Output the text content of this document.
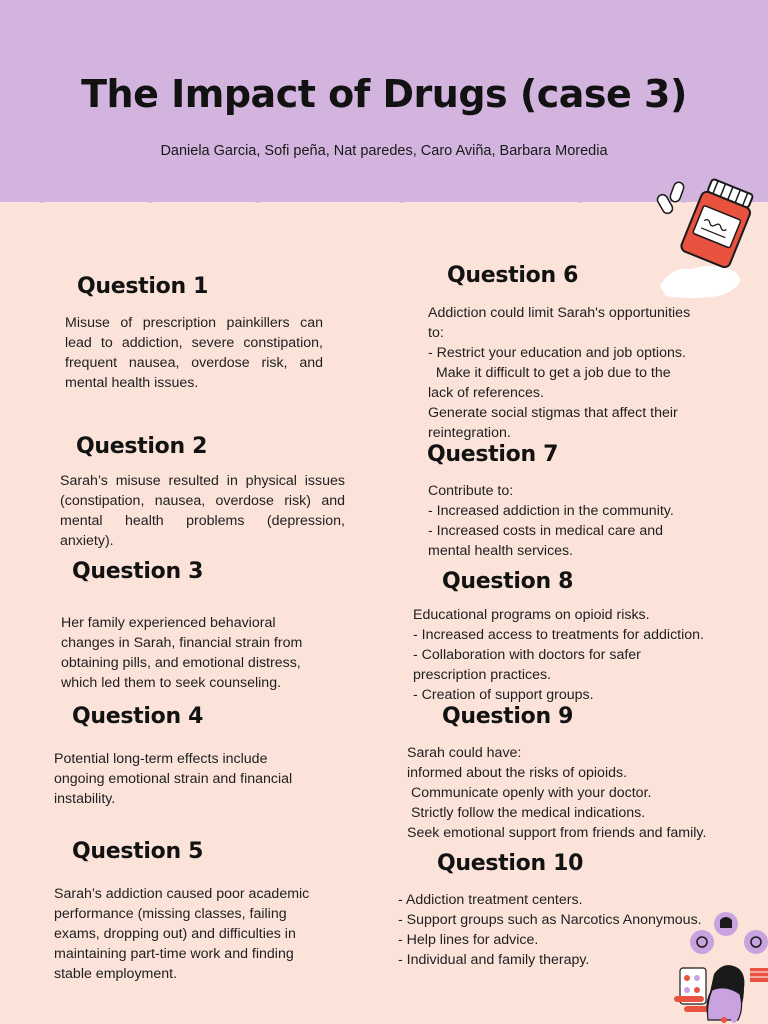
The Impact of Drugs (case 3)
Daniela Garcia, Sofi peña, Nat paredes, Caro Aviña, Barbara Moredia
Question 1

Misuse of prescription painkillers can lead to addiction, severe constipation, frequent nausea, overdose risk, and mental health issues.

Question 2

Sarah’s misuse resulted in physical issues (constipation, nausea, overdose risk) and mental health problems (depression, anxiety).

Question 3

Her family experienced behavioral
changes in Sarah, financial strain from
obtaining pills, and emotional distress,
which led them to seek counseling.

Question 4

Potential long-term effects include
ongoing emotional strain and financial
instability.

Question 5

Sarah’s addiction caused poor academic
performance (missing classes, failing
exams, dropping out) and difficulties in
maintaining part-time work and finding
stable employment.

Question 6

Addiction could limit Sarah's opportunities
to:
- Restrict your education and job options.
Make it difficult to get a job due to the
lack of references.
Generate social stigmas that affect their
reintegration.

Question 7

Contribute to:
- Increased addiction in the community.
- Increased costs in medical care and
mental health services.

Question 8

Educational programs on opioid risks.
- Increased access to treatments for addiction.
- Collaboration with doctors for safer
prescription practices.
- Creation of support groups.

Question 9

Sarah could have:
informed about the risks of opioids.
Communicate openly with your doctor.
Strictly follow the medical indications.
Seek emotional support from friends and family.

Question 10

- Addiction treatment centers.
- Support groups such as Narcotics Anonymous.
- Help lines for advice.
- Individual and family therapy.
